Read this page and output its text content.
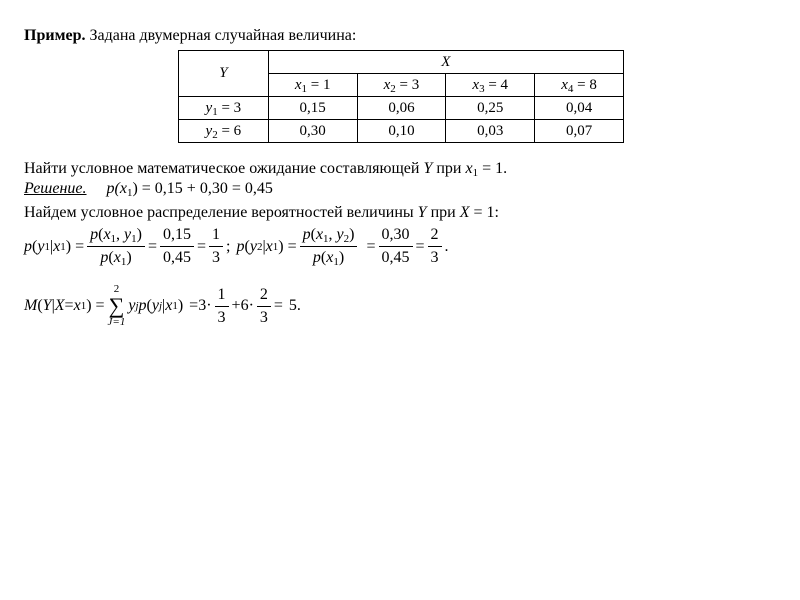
Пример. Задана двумерная случайная величина:
Y	X			
	$x_1 = 1$	$x_2 = 3$	$x_3 = 4$	$x_4 = 8$
$y_1 = 3$	0,15	0,06	0,25	0,04
$y_2 = 6$	0,30	0,10	0,03	0,07
Найти условное математическое ожидание составляющей Y при $x_1 = 1$.
Решение. $p(x_1) = 0,15 + 0,30 = 0,45$
Найдем условное распределение вероятностей величины Y при X = 1:
p ( y 1 | x 1 ) = $\frac{p(x_1, y_1)}{p(x_1)} = \frac{0,15}{0,45} = \frac{1}{3}$ ; p ( y 2 | x 1 ) = $\frac{p(x_1, y_2)}{p(x_1)} = \frac{0,30}{0,45} = \frac{2}{3}$ .
M ( Y | X = x 1 ) =
2
∑
J=1
y j p ( y j | x 1 )
= $3 \cdot \frac{1}{3} + 6 \cdot \frac{2}{3} = 5$.
